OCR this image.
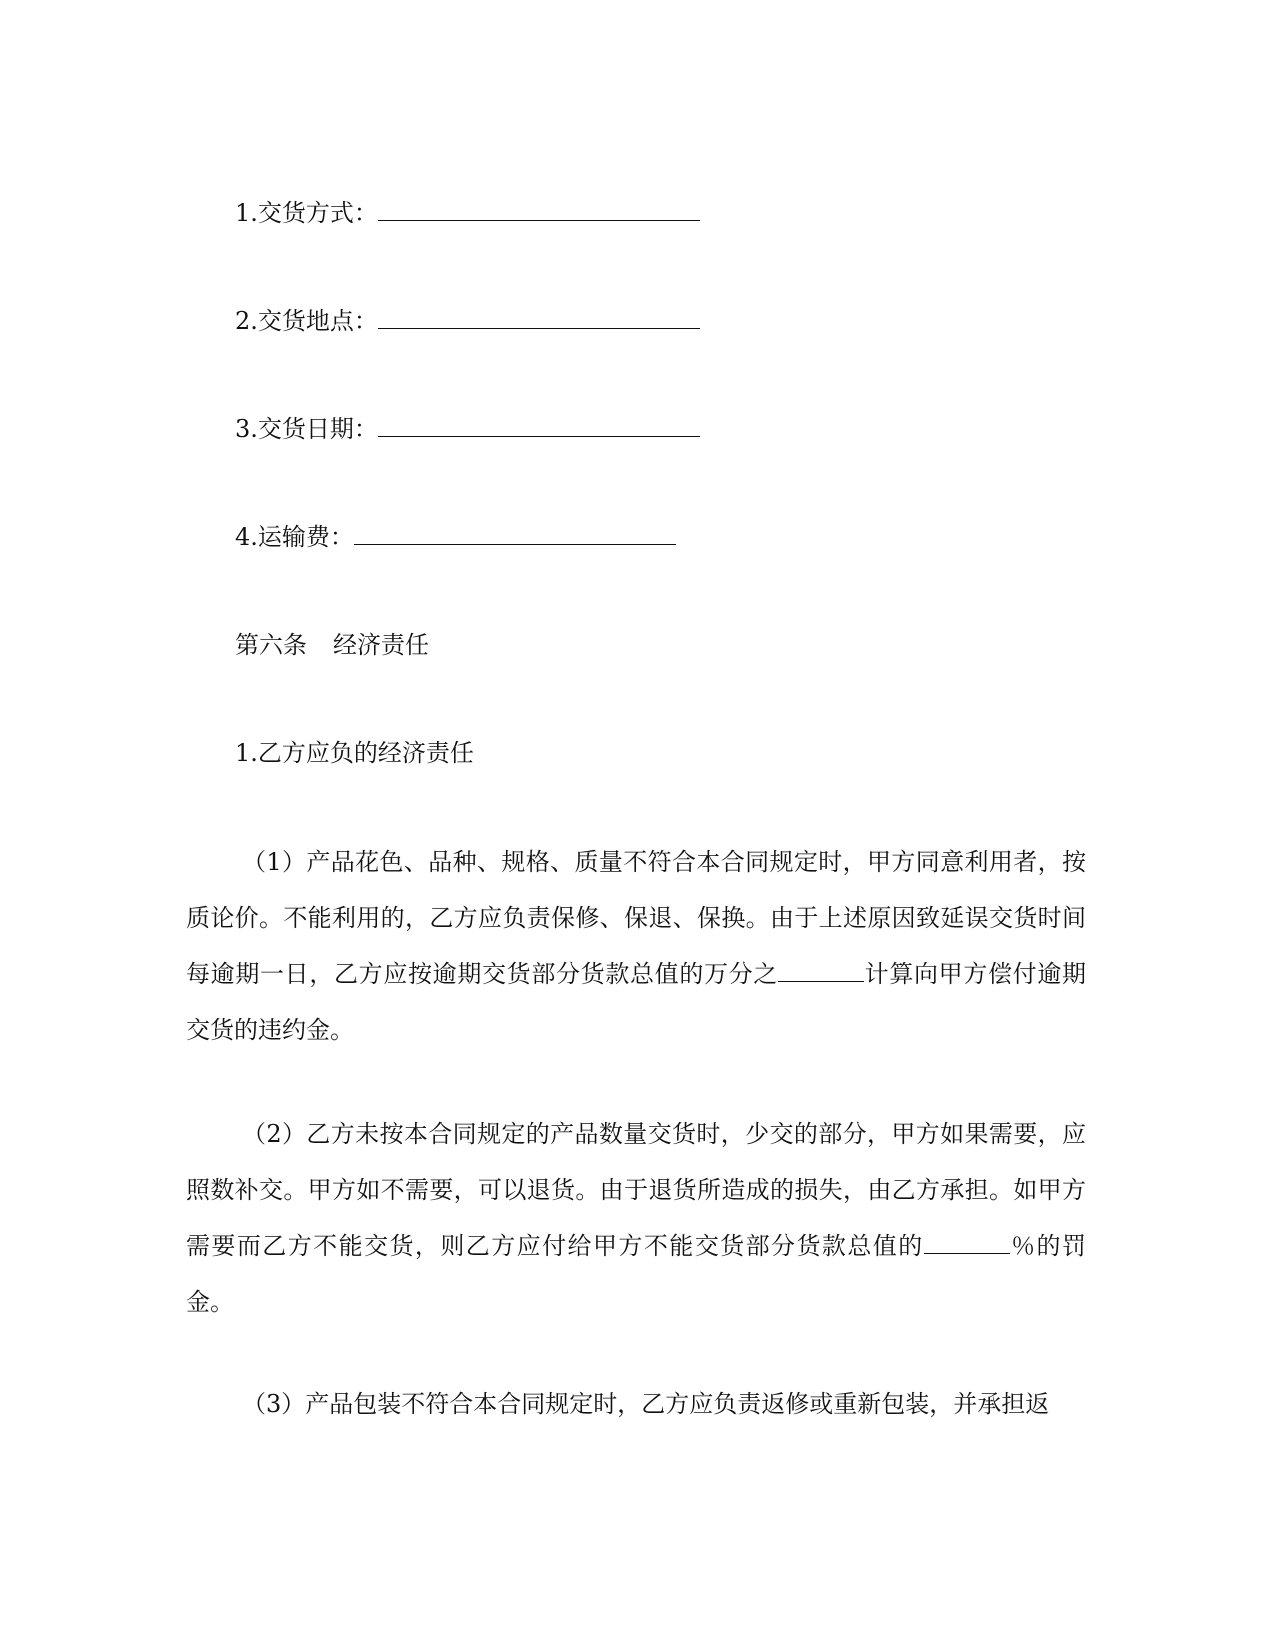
1.交货方式：
2.交货地点：
3.交货日期：
4.运输费：
第六条 经济责任
1.乙方应负的经济责任
（1）产品花色、品种、规格、质量不符合本合同规定时，甲方同意利用者，按质论价。不能利用的，乙方应负责保修、保退、保换。由于上述原因致延误交货时间每逾期一日，乙方应按逾期交货部分货款总值的万分之	计算向甲方偿付逾期交货的违约金。
（2）乙方未按本合同规定的产品数量交货时，少交的部分，甲方如果需要，应照数补交。甲方如不需要，可以退货。由于退货所造成的损失，由乙方承担。如甲方需要而乙方不能交货，则乙方应付给甲方不能交货部分货款总值的	％的罚金。
（3）产品包装不符合本合同规定时，乙方应负责返修或重新包装，并承担返
